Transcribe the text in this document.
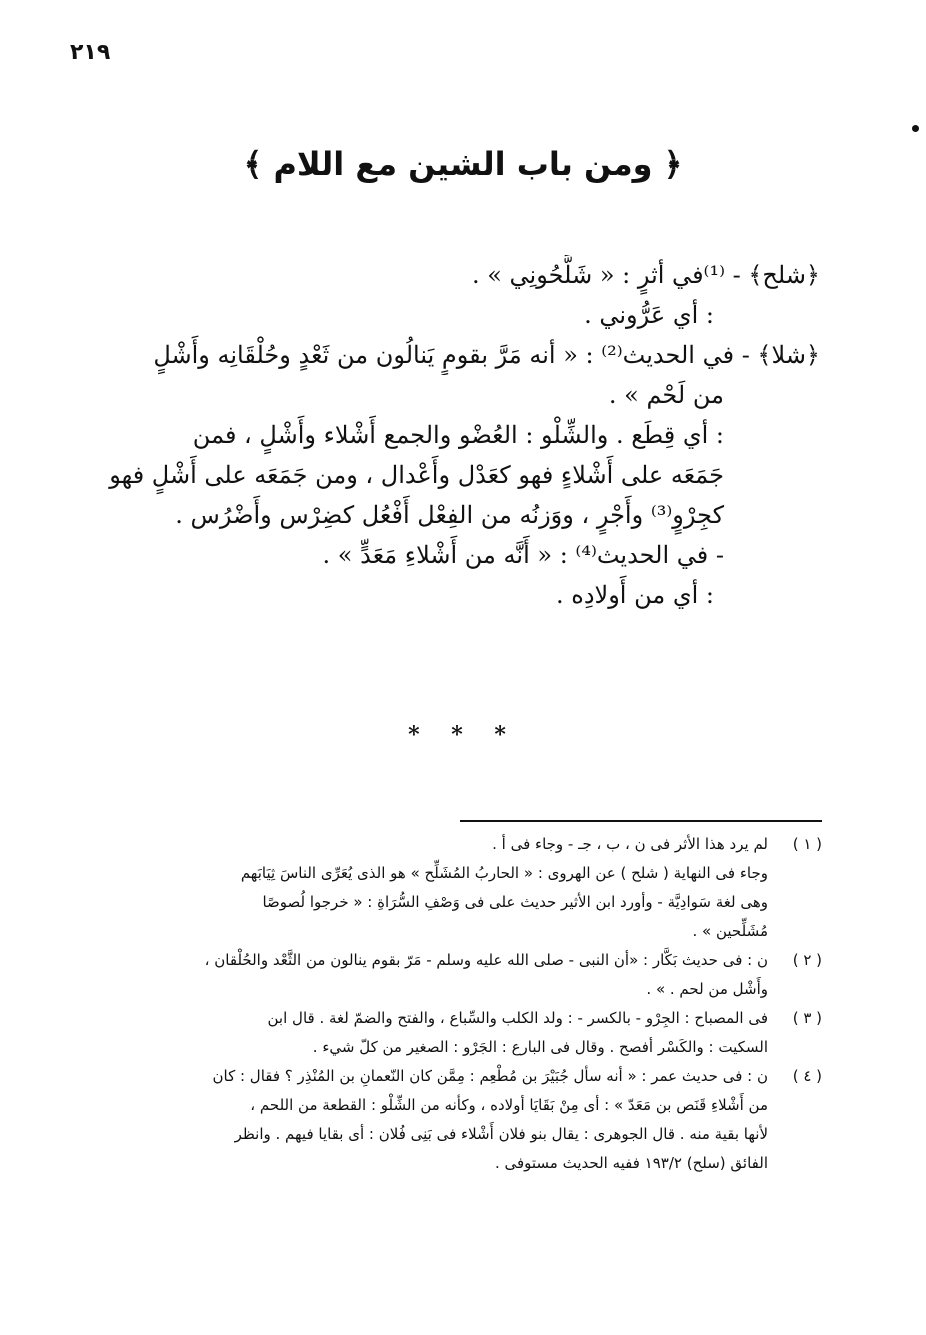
٢١٩
﴿ ومن باب الشين مع اللام ﴾
﴿شلح﴾ - ⁽¹⁾في أثرٍ : « شَلَّحُونِي » .
: أي عَرُّوني .
﴿شلا﴾ - في الحديث⁽²⁾ : « أنه مَرَّ بقومٍ يَنالُون من ثَعْدٍ وحُلْقَانِه وأَشْلٍ
من لَحْم » .
: أي قِطَع . والشِّلْو : العُضْو والجمع أَشْلاء وأَشْلٍ ، فمن
جَمَعَه على أَشْلاءٍ فهو كعَدْل وأَعْدال ، ومن جَمَعَه على أَشْلٍ فهو
كجِرْوٍ⁽³⁾ وأَجْرٍ ، ووَزنُه من الفِعْل أَفْعُل كضِرْس وأَضْرُس .
- في الحديث⁽⁴⁾ : « أَنَّه من أَشْلاءِ مَعَدٍّ » .
: أي من أَولادِه .
* * *
( ١ )
لم يرد هذا الأثر فى ن ، ب ، جـ - وجاء فى أ .
وجاء فى النهاية ( شلح ) عن الهروى : « الحاربُ المُشَلِّح » هو الذى يُعَرِّى الناسَ ثِيَابَهم
وهى لغة سَوادِيَّة - وأورد ابن الأثير حديث على فى وَصْفِ السُّرَاةِ : « خرجوا لُصوصًا
مُشَلِّحين » .
( ٢ )
ن : فى حديث بَكَّار : «أن النبى - صلى الله عليه وسلم - مَرّ بقوم ينالون من الثَّعْد والحُلْقان ،
وأَشْل من لحم . » .
( ٣ )
فى المصباح : الجِرْو - بالكسر - : ولد الكلب والسِّباع ، والفتح والضمّ لغة . قال ابن
السكيت : والكَسْر أفصح . وقال فى البارع : الجَرْو : الصغير من كلّ شيء .
( ٤ )
ن : فى حديث عمر : « أنه سأل جُبَيْرَ بن مُطْعِم : مِمَّن كان النّعمانِ بن المُنْذِر ؟ فقال : كان
من أَشْلاءِ قَنَص بن مَعَدّ » : أى مِنْ بَقَايَا أولاده ، وكأنه من الشِّلْو : القطعة من اللحم ،
لأنها بقية منه . قال الجوهرى : يقال بنو فلان أَشْلاء فى بَنِى فُلان : أى بقايا فيهم . وانظر
الفائق (سلح) ١٩٣/٢ ففيه الحديث مستوفى .
